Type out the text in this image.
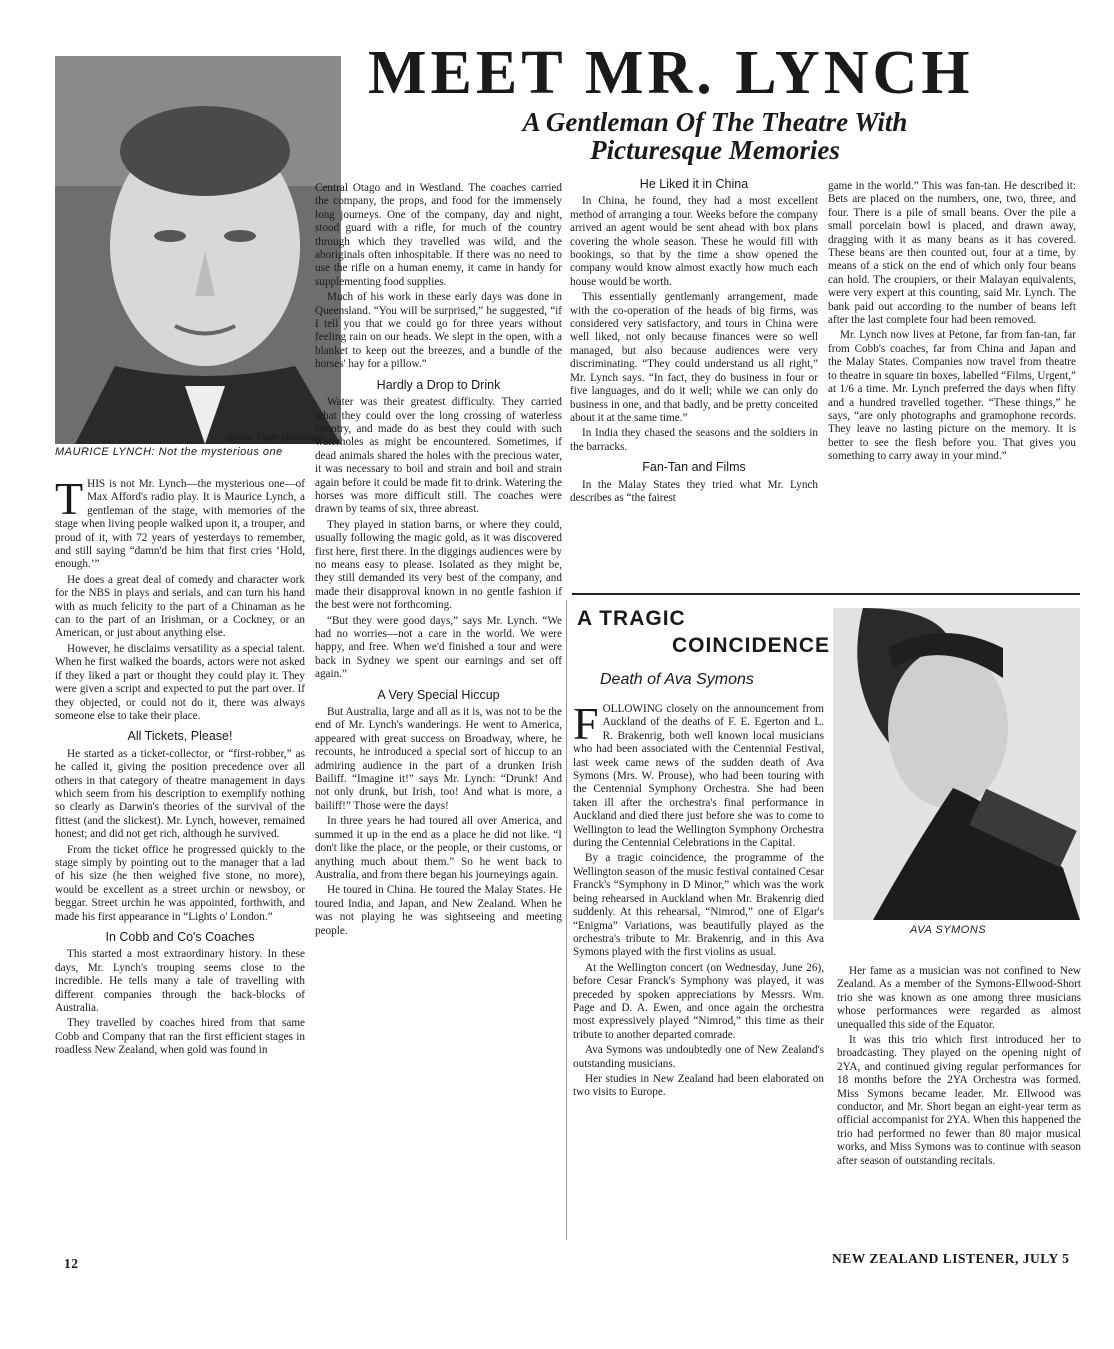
MEET MR. LYNCH
A Gentleman Of The Theatre With
Picturesque Memories
Spencer Digby photograph
MAURICE LYNCH: Not the mysterious one

THIS is not Mr. Lynch—the mysterious one—of Max Afford's radio play. It is Maurice Lynch, a gentleman of the stage, with memories of the stage when living people walked upon it, a trouper, and proud of it, with 72 years of yesterdays to remember, and still saying “damn'd be him that first cries ‘Hold, enough.’”

He does a great deal of comedy and character work for the NBS in plays and serials, and can turn his hand with as much felicity to the part of a Chinaman as he can to the part of an Irishman, or a Cockney, or an American, or just about anything else.

However, he disclaims versatility as a special talent. When he first walked the boards, actors were not asked if they liked a part or thought they could play it. They were given a script and expected to put the part over. If they objected, or could not do it, there was always someone else to take their place.

All Tickets, Please!

He started as a ticket-collector, or “first-robber,” as he called it, giving the position precedence over all others in that category of theatre management in days which seem from his description to exemplify nothing so clearly as Darwin's theories of the survival of the fittest (and the slickest). Mr. Lynch, however, remained honest; and did not get rich, although he survived.

From the ticket office he progressed quickly to the stage simply by pointing out to the manager that a lad of his size (he then weighed five stone, no more), would be excellent as a street urchin or newsboy, or beggar. Street urchin he was appointed, forthwith, and made his first appearance in “Lights o' London.”

In Cobb and Co's Coaches

This started a most extraordinary history. In these days, Mr. Lynch's trouping seems close to the incredible. He tells many a tale of travelling with different companies through the back-blocks of Australia.

They travelled by coaches hired from that same Cobb and Company that ran the first efficient stages in roadless New Zealand, when gold was found in

Central Otago and in Westland. The coaches carried the company, the props, and food for the immensely long journeys. One of the company, day and night, stood guard with a rifle, for much of the country through which they travelled was wild, and the aboriginals often inhospitable. If there was no need to use the rifle on a human enemy, it came in handy for supplementing food supplies.

Much of his work in these early days was done in Queensland. “You will be surprised,” he suggested, “if I tell you that we could go for three years without feeling rain on our heads. We slept in the open, with a blanket to keep out the breezes, and a bundle of the horses' hay for a pillow.”

Hardly a Drop to Drink

Water was their greatest difficulty. They carried what they could over the long crossing of waterless country, and made do as best they could with such waterholes as might be encountered. Sometimes, if dead animals shared the holes with the precious water, it was necessary to boil and strain and boil and strain again before it could be made fit to drink. Watering the horses was more difficult still. The coaches were drawn by teams of six, three abreast.

They played in station barns, or where they could, usually following the magic gold, as it was discovered first here, first there. In the diggings audiences were by no means easy to please. Isolated as they might be, they still demanded its very best of the company, and made their disapproval known in no gentle fashion if the best were not forthcoming.

“But they were good days,” says Mr. Lynch. “We had no worries—not a care in the world. We were happy, and free. When we'd finished a tour and were back in Sydney we spent our earnings and set off again.”

A Very Special Hiccup

But Australia, large and all as it is, was not to be the end of Mr. Lynch's wanderings. He went to America, appeared with great success on Broadway, where, he recounts, he introduced a special sort of hiccup to an admiring audience in the part of a drunken Irish Bailiff. “Imagine it!” says Mr. Lynch: “Drunk! And not only drunk, but Irish, too! And what is more, a bailiff!” Those were the days!

In three years he had toured all over America, and summed it up in the end as a place he did not like. “I don't like the place, or the people, or their customs, or anything much about them.” So he went back to Australia, and from there began his journeyings again.

He toured in China. He toured the Malay States. He toured India, and Japan, and New Zealand. When he was not playing he was sightseeing and meeting people.

He Liked it in China

In China, he found, they had a most excellent method of arranging a tour. Weeks before the company arrived an agent would be sent ahead with box plans covering the whole season. These he would fill with bookings, so that by the time a show opened the company would know almost exactly how much each house would be worth.

This essentially gentlemanly arrangement, made with the co-operation of the heads of big firms, was considered very satisfactory, and tours in China were well liked, not only because finances were so well managed, but also because audiences were very discriminating. “They could understand us all right,” Mr. Lynch says. “In fact, they do business in four or five languages, and do it well; while we can only do business in one, and that badly, and be pretty conceited about it at the same time.”

In India they chased the seasons and the soldiers in the barracks.

Fan-Tan and Films

In the Malay States they tried what Mr. Lynch describes as “the fairest

game in the world.” This was fan-tan. He described it: Bets are placed on the numbers, one, two, three, and four. There is a pile of small beans. Over the pile a small porcelain bowl is placed, and drawn away, dragging with it as many beans as it has covered. These beans are then counted out, four at a time, by means of a stick on the end of which only four beans can hold. The croupiers, or their Malayan equivalents, were very expert at this counting, said Mr. Lynch. The bank paid out according to the number of beans left after the last complete four had been removed.

Mr. Lynch now lives at Petone, far from fan-tan, far from Cobb's coaches, far from China and Japan and the Malay States. Companies now travel from theatre to theatre in square tin boxes, labelled “Films, Urgent,” at 1/6 a time. Mr. Lynch preferred the days when fifty and a hundred travelled together. “These things,” he says, “are only photographs and gramophone records. They leave no lasting picture on the memory. It is better to see the flesh before you. That gives you something to carry away in your mind.”

A TRAGIC
COINCIDENCE
Death of Ava Symons

FOLLOWING closely on the announcement from Auckland of the deaths of F. E. Egerton and L. R. Brakenrig, both well known local musicians who had been associated with the Centennial Festival, last week came news of the sudden death of Ava Symons (Mrs. W. Prouse), who had been touring with the Centennial Symphony Orchestra. She had been taken ill after the orchestra's final performance in Auckland and died there just before she was to come to Wellington to lead the Wellington Symphony Orchestra during the Centennial Celebrations in the Capital.

By a tragic coincidence, the programme of the Wellington season of the music festival contained Cesar Franck's “Symphony in D Minor,” which was the work being rehearsed in Auckland when Mr. Brakenrig died suddenly. At this rehearsal, “Nimrod,” one of Elgar's “Enigma” Variations, was beautifully played as the orchestra's tribute to Mr. Brakenrig, and in this Ava Symons played with the first violins as usual.

At the Wellington concert (on Wednesday, June 26), before Cesar Franck's Symphony was played, it was preceded by spoken appreciations by Messrs. Wm. Page and D. A. Ewen, and once again the orchestra most expressively played “Nimrod,” this time as their tribute to another departed comrade.

Ava Symons was undoubtedly one of New Zealand's outstanding musicians.

Her studies in New Zealand had been elaborated on two visits to Europe.

AVA SYMONS

Her fame as a musician was not confined to New Zealand. As a member of the Symons-Ellwood-Short trio she was known as one among three musicians whose performances were regarded as almost unequalled this side of the Equator.

It was this trio which first introduced her to broadcasting. They played on the opening night of 2YA, and continued giving regular performances for 18 months before the 2YA Orchestra was formed. Miss Symons became leader. Mr. Ellwood was conductor, and Mr. Short began an eight-year term as official accompanist for 2YA. When this happened the trio had performed no fewer than 80 major musical works, and Miss Symons was to continue with season after season of outstanding recitals.

12	NEW ZEALAND LISTENER, JULY 5
